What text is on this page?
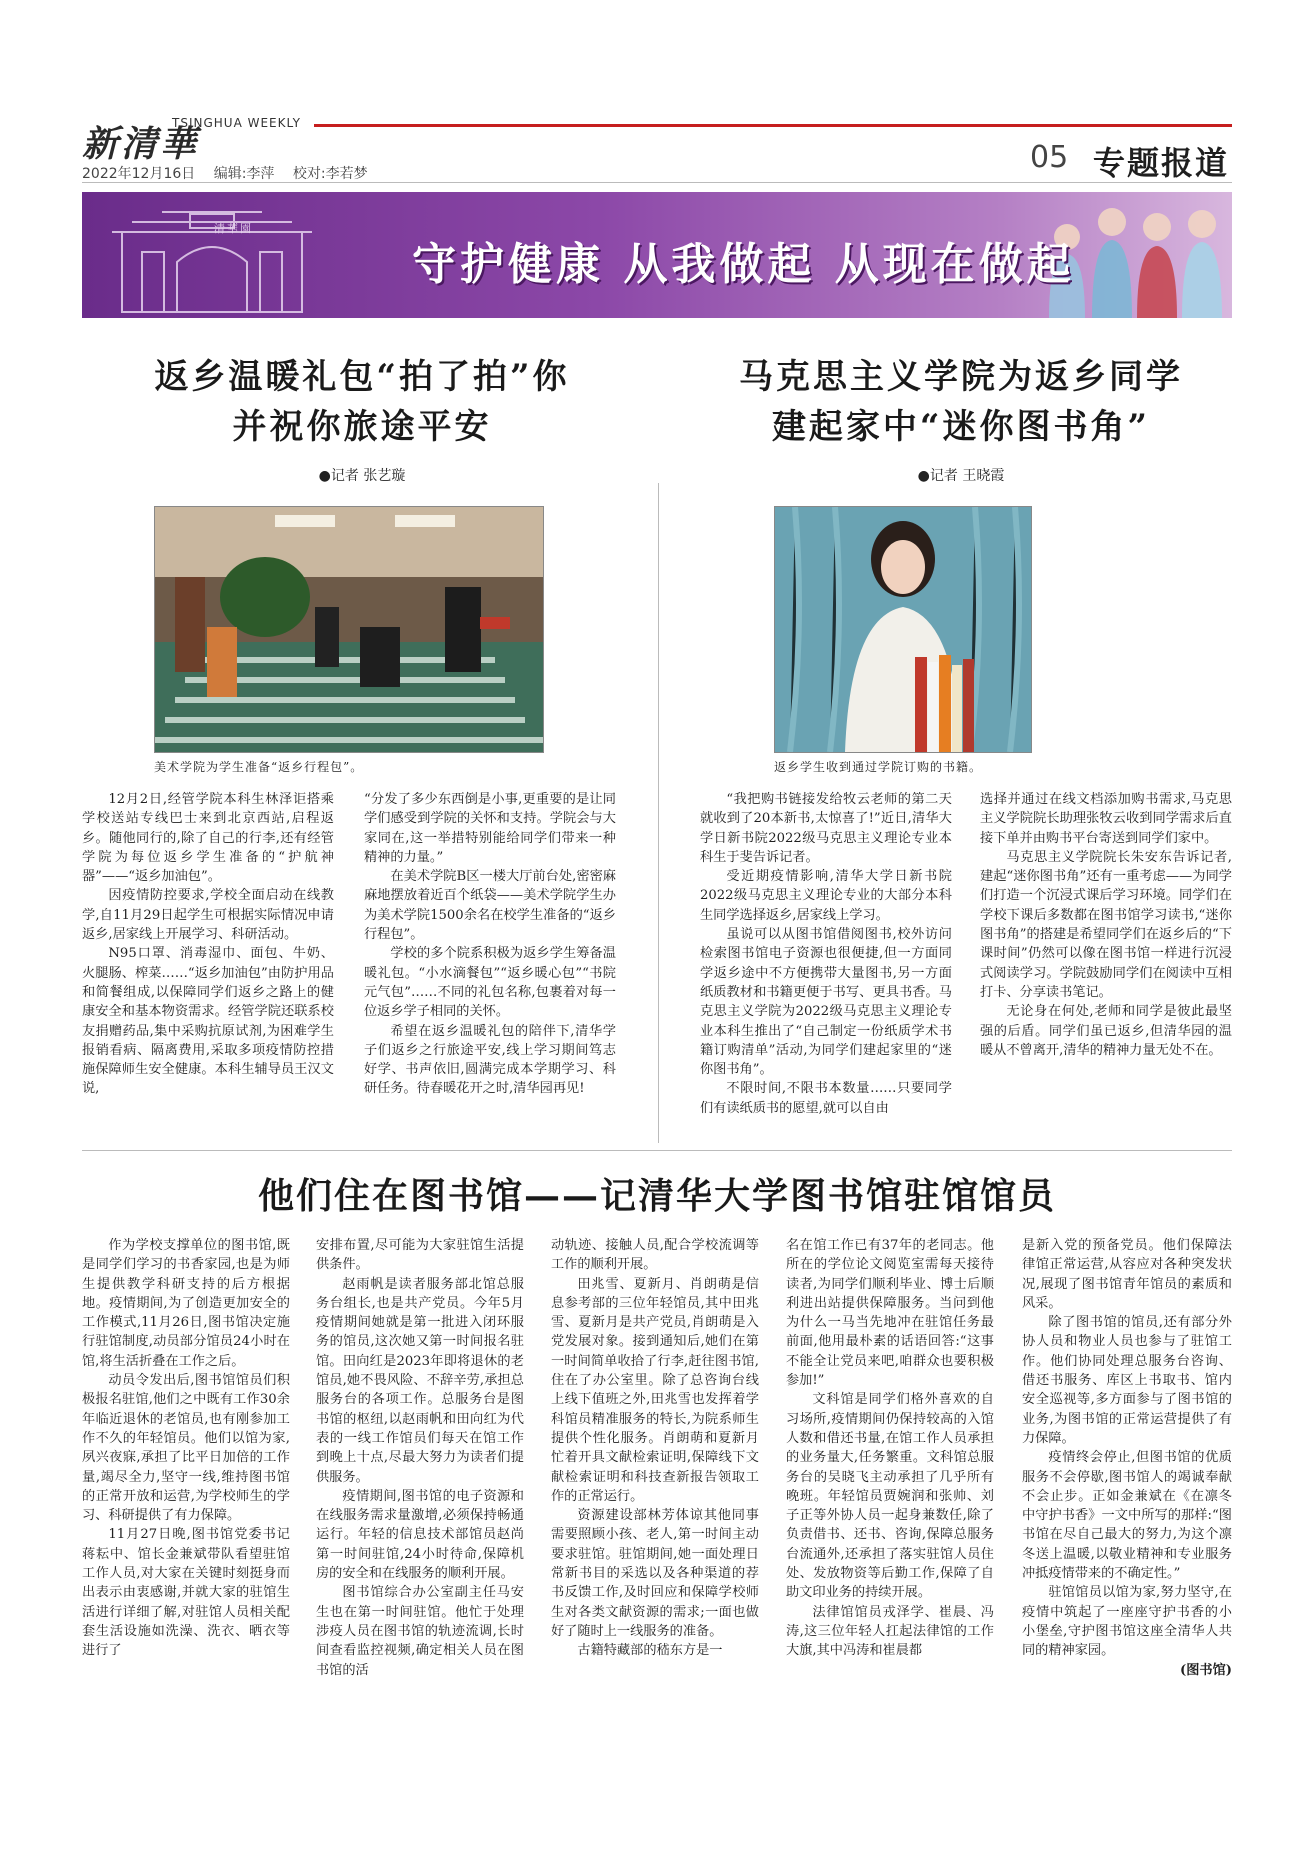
新清華
TSINGHUA WEEKLY
2022年12月16日 编辑:李萍 校对:李若梦	05 专题报道
清華園
守护健康 从我做起 从现在做起
返乡温暖礼包“拍了拍”你
并祝你旅途平安
●记者 张艺璇
美术学院为学生准备“返乡行程包”。

12月2日,经管学院本科生林泽讵搭乘学校送站专线巴士来到北京西站,启程返乡。随他同行的,除了自己的行李,还有经管学院为每位返乡学生准备的“护航神器”——“返乡加油包”。

因疫情防控要求,学校全面启动在线教学,自11月29日起学生可根据实际情况申请返乡,居家线上开展学习、科研活动。

N95口罩、消毒湿巾、面包、牛奶、火腿肠、榨菜……“返乡加油包”由防护用品和简餐组成,以保障同学们返乡之路上的健康安全和基本物资需求。经管学院还联系校友捐赠药品,集中采购抗原试剂,为困难学生报销看病、隔离费用,采取多项疫情防控措施保障师生安全健康。本科生辅导员王汉文说,

“分发了多少东西倒是小事,更重要的是让同学们感受到学院的关怀和支持。学院会与大家同在,这一举措特别能给同学们带来一种精神的力量。”

在美术学院B区一楼大厅前台处,密密麻麻地摆放着近百个纸袋——美术学院学生办为美术学院1500余名在校学生准备的“返乡行程包”。

学校的多个院系积极为返乡学生筹备温暖礼包。“小水滴餐包”“返乡暖心包”“书院元气包”……不同的礼包名称,包裹着对每一位返乡学子相同的关怀。

希望在返乡温暖礼包的陪伴下,清华学子们返乡之行旅途平安,线上学习期间笃志好学、书声依旧,圆满完成本学期学习、科研任务。待春暖花开之时,清华园再见!

马克思主义学院为返乡同学
建起家中“迷你图书角”
●记者 王晓霞
返乡学生收到通过学院订购的书籍。

“我把购书链接发给牧云老师的第二天就收到了20本新书,太惊喜了!”近日,清华大学日新书院2022级马克思主义理论专业本科生于斐告诉记者。

受近期疫情影响,清华大学日新书院2022级马克思主义理论专业的大部分本科生同学选择返乡,居家线上学习。

虽说可以从图书馆借阅图书,校外访问检索图书馆电子资源也很便捷,但一方面同学返乡途中不方便携带大量图书,另一方面纸质教材和书籍更便于书写、更具书香。马克思主义学院为2022级马克思主义理论专业本科生推出了“自己制定一份纸质学术书籍订购清单”活动,为同学们建起家里的“迷你图书角”。

不限时间,不限书本数量……只要同学们有读纸质书的愿望,就可以自由

选择并通过在线文档添加购书需求,马克思主义学院院长助理张牧云收到同学需求后直接下单并由购书平台寄送到同学们家中。

马克思主义学院院长朱安东告诉记者,建起“迷你图书角”还有一重考虑——为同学们打造一个沉浸式课后学习环境。同学们在学校下课后多数都在图书馆学习读书,“迷你图书角”的搭建是希望同学们在返乡后的“下课时间”仍然可以像在图书馆一样进行沉浸式阅读学习。学院鼓励同学们在阅读中互相打卡、分享读书笔记。

无论身在何处,老师和同学是彼此最坚强的后盾。同学们虽已返乡,但清华园的温暖从不曾离开,清华的精神力量无处不在。

他们住在图书馆——记清华大学图书馆驻馆馆员

作为学校支撑单位的图书馆,既是同学们学习的书香家园,也是为师生提供教学科研支持的后方根据地。疫情期间,为了创造更加安全的工作模式,11月26日,图书馆决定施行驻馆制度,动员部分馆员24小时在馆,将生活折叠在工作之后。

动员令发出后,图书馆馆员们积极报名驻馆,他们之中既有工作30余年临近退休的老馆员,也有刚参加工作不久的年轻馆员。他们以馆为家,夙兴夜寐,承担了比平日加倍的工作量,竭尽全力,坚守一线,维持图书馆的正常开放和运营,为学校师生的学习、科研提供了有力保障。

11月27日晚,图书馆党委书记蒋耘中、馆长金兼斌带队看望驻馆工作人员,对大家在关键时刻挺身而出表示由衷感谢,并就大家的驻馆生活进行详细了解,对驻馆人员相关配套生活设施如洗澡、洗衣、晒衣等进行了

安排布置,尽可能为大家驻馆生活提供条件。

赵雨帆是读者服务部北馆总服务台组长,也是共产党员。今年5月疫情期间她就是第一批进入闭环服务的馆员,这次她又第一时间报名驻馆。田向红是2023年即将退休的老馆员,她不畏风险、不辞辛劳,承担总服务台的各项工作。总服务台是图书馆的枢纽,以赵雨帆和田向红为代表的一线工作馆员们每天在馆工作到晚上十点,尽最大努力为读者们提供服务。

疫情期间,图书馆的电子资源和在线服务需求量激增,必须保持畅通运行。年轻的信息技术部馆员赵尚第一时间驻馆,24小时待命,保障机房的安全和在线服务的顺利开展。

图书馆综合办公室副主任马安生也在第一时间驻馆。他忙于处理涉疫人员在图书馆的轨迹流调,长时间查看监控视频,确定相关人员在图书馆的活

动轨迹、接触人员,配合学校流调等工作的顺利开展。

田兆雪、夏新月、肖朗萌是信息参考部的三位年轻馆员,其中田兆雪、夏新月是共产党员,肖朗萌是入党发展对象。接到通知后,她们在第一时间简单收拾了行李,赶往图书馆,住在了办公室里。除了总咨询台线上线下值班之外,田兆雪也发挥着学科馆员精准服务的特长,为院系师生提供个性化服务。肖朗萌和夏新月忙着开具文献检索证明,保障线下文献检索证明和科技查新报告领取工作的正常运行。

资源建设部林芳体谅其他同事需要照顾小孩、老人,第一时间主动要求驻馆。驻馆期间,她一面处理日常新书目的采选以及各种渠道的荐书反馈工作,及时回应和保障学校师生对各类文献资源的需求;一面也做好了随时上一线服务的准备。

古籍特藏部的嵇东方是一

名在馆工作已有37年的老同志。他所在的学位论文阅览室需每天接待读者,为同学们顺利毕业、博士后顺利进出站提供保障服务。当问到他为什么一马当先地冲在驻馆任务最前面,他用最朴素的话语回答:“这事不能全让党员来吧,咱群众也要积极参加!”

文科馆是同学们格外喜欢的自习场所,疫情期间仍保持较高的入馆人数和借还书量,在馆工作人员承担的业务量大,任务繁重。文科馆总服务台的吴晓飞主动承担了几乎所有晚班。年轻馆员贾婉润和张帅、刘子正等外协人员一起身兼数任,除了负责借书、还书、咨询,保障总服务台流通外,还承担了落实驻馆人员住处、发放物资等后勤工作,保障了自助文印业务的持续开展。

法律馆馆员戎泽学、崔晨、冯涛,这三位年轻人扛起法律馆的工作大旗,其中冯涛和崔晨都

是新入党的预备党员。他们保障法律馆正常运营,从容应对各种突发状况,展现了图书馆青年馆员的素质和风采。

除了图书馆的馆员,还有部分外协人员和物业人员也参与了驻馆工作。他们协同处理总服务台咨询、借还书服务、库区上书取书、馆内安全巡视等,多方面参与了图书馆的业务,为图书馆的正常运营提供了有力保障。

疫情终会停止,但图书馆的优质服务不会停歇,图书馆人的竭诚奉献不会止步。正如金兼斌在《在凛冬中守护书香》一文中所写的那样:“图书馆在尽自己最大的努力,为这个凛冬送上温暖,以敬业精神和专业服务冲抵疫情带来的不确定性。”

驻馆馆员以馆为家,努力坚守,在疫情中筑起了一座座守护书香的小小堡垒,守护图书馆这座全清华人共同的精神家园。

(图书馆)
